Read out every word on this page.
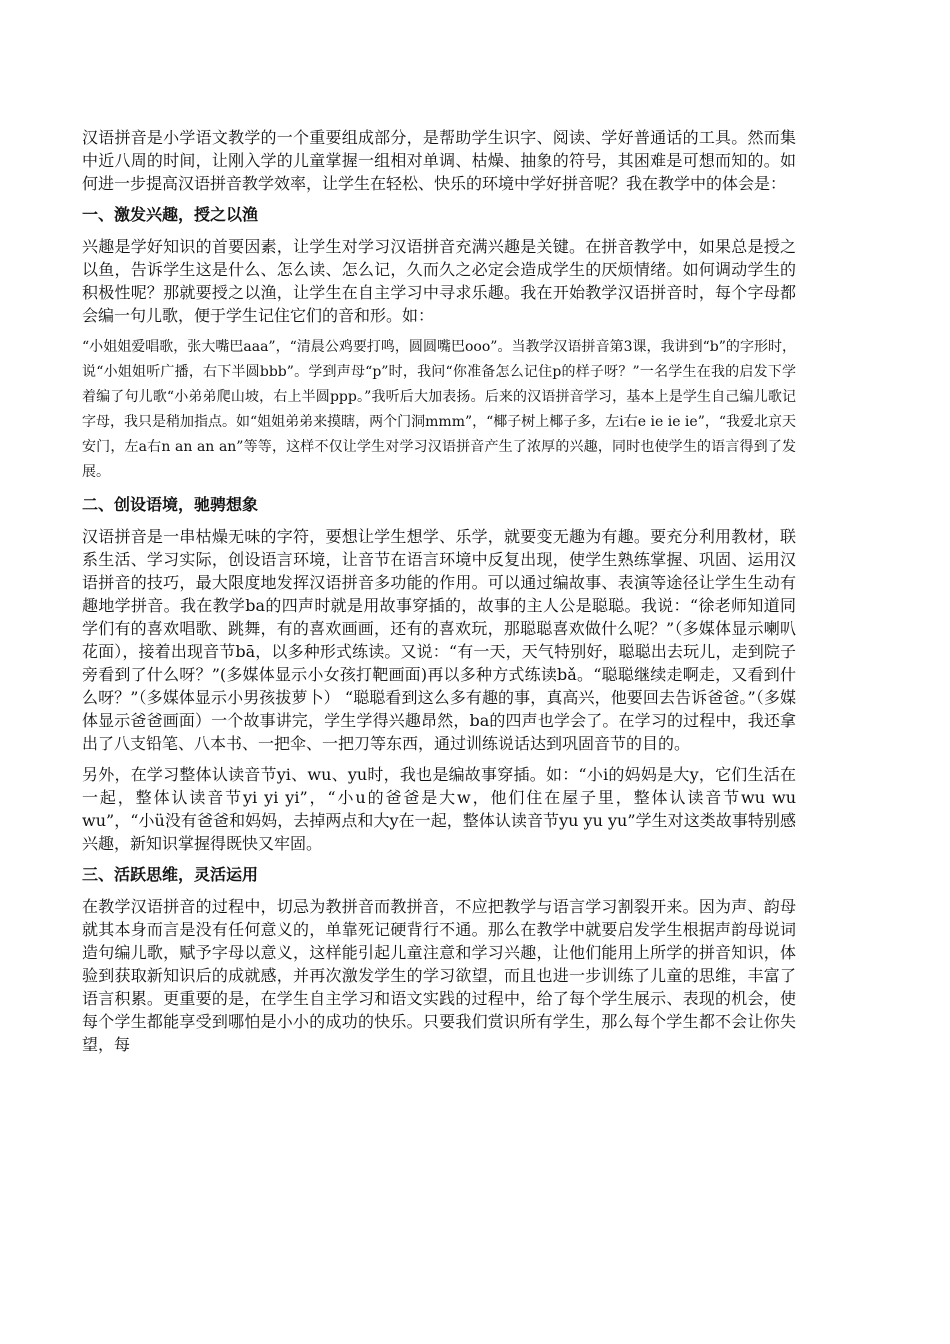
汉语拼音是小学语文教学的一个重要组成部分，是帮助学生识字、阅读、学好普通话的工具。然而集中近八周的时间，让刚入学的儿童掌握一组相对单调、枯燥、抽象的符号，其困难是可想而知的。如何进一步提高汉语拼音教学效率，让学生在轻松、快乐的环境中学好拼音呢？我在教学中的体会是：

一、激发兴趣，授之以渔

兴趣是学好知识的首要因素，让学生对学习汉语拼音充满兴趣是关键。在拼音教学中，如果总是授之以鱼，告诉学生这是什么、怎么读、怎么记，久而久之必定会造成学生的厌烦情绪。如何调动学生的积极性呢？那就要授之以渔，让学生在自主学习中寻求乐趣。我在开始教学汉语拼音时，每个字母都会编一句儿歌，便于学生记住它们的音和形。如：

“小姐姐爱唱歌，张大嘴巴aaa”，“清晨公鸡要打鸣，圆圆嘴巴ooo”。当教学汉语拼音第3课，我讲到“b”的字形时，说“小姐姐听广播，右下半圆bbb”。学到声母“p”时，我问“你准备怎么记住p的样子呀？”一名学生在我的启发下学着编了句儿歌“小弟弟爬山坡，右上半圆ppp。”我听后大加表扬。后来的汉语拼音学习，基本上是学生自己编儿歌记字母，我只是稍加指点。如“姐姐弟弟来摸瞎，两个门洞mmm”，“椰子树上椰子多，左i右e ie ie ie”，“我爱北京天安门，左a右n an an an”等等，这样不仅让学生对学习汉语拼音产生了浓厚的兴趣，同时也使学生的语言得到了发展。

二、创设语境，驰骋想象

汉语拼音是一串枯燥无味的字符，要想让学生想学、乐学，就要变无趣为有趣。要充分利用教材，联系生活、学习实际，创设语言环境，让音节在语言环境中反复出现，使学生熟练掌握、巩固、运用汉语拼音的技巧，最大限度地发挥汉语拼音多功能的作用。可以通过编故事、表演等途径让学生生动有趣地学拼音。我在教学ba的四声时就是用故事穿插的，故事的主人公是聪聪。我说：“徐老师知道同学们有的喜欢唱歌、跳舞，有的喜欢画画，还有的喜欢玩，那聪聪喜欢做什么呢？”（多媒体显示喇叭花面），接着出现音节bā，以多种形式练读。又说：“有一天，天气特别好，聪聪出去玩儿，走到院子旁看到了什么呀？”(多媒体显示小女孩打靶画面)再以多种方式练读bǎ。“聪聪继续走啊走，又看到什么呀？”（多媒体显示小男孩拔萝卜） “聪聪看到这么多有趣的事，真高兴，他要回去告诉爸爸。”（多媒体显示爸爸画面）一个故事讲完，学生学得兴趣昂然，ba的四声也学会了。在学习的过程中，我还拿出了八支铅笔、八本书、一把伞、一把刀等东西，通过训练说话达到巩固音节的目的。

另外，在学习整体认读音节yi、wu、yu时，我也是编故事穿插。如：“小i的妈妈是大y，它们生活在一起，整体认读音节yi yi yi”，“小u的爸爸是大w，他们住在屋子里，整体认读音节wu wu wu”，“小ü没有爸爸和妈妈，去掉两点和大y在一起，整体认读音节yu yu yu”学生对这类故事特别感兴趣，新知识掌握得既快又牢固。

三、活跃思维，灵活运用

在教学汉语拼音的过程中，切忌为教拼音而教拼音，不应把教学与语言学习割裂开来。因为声、韵母就其本身而言是没有任何意义的，单靠死记硬背行不通。那么在教学中就要启发学生根据声韵母说词造句编儿歌，赋予字母以意义，这样能引起儿童注意和学习兴趣，让他们能用上所学的拼音知识，体验到获取新知识后的成就感，并再次激发学生的学习欲望，而且也进一步训练了儿童的思维，丰富了语言积累。更重要的是，在学生自主学习和语文实践的过程中，给了每个学生展示、表现的机会，使每个学生都能享受到哪怕是小小的成功的快乐。只要我们赏识所有学生，那么每个学生都不会让你失望，每
